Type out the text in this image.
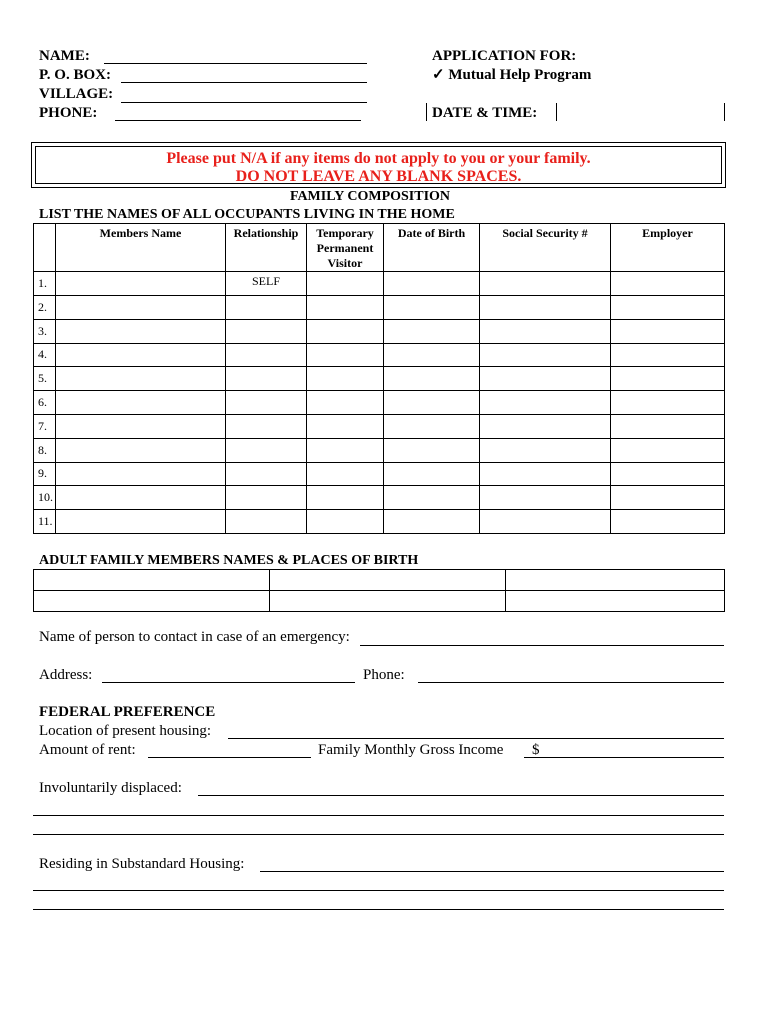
NAME:
P. O. BOX:
VILLAGE:
PHONE:
APPLICATION FOR:
✓ Mutual Help Program
DATE & TIME:
Please put N/A if any items do not apply to you or your family.
DO NOT LEAVE ANY BLANK SPACES.
FAMILY COMPOSITION
LIST THE NAMES OF ALL OCCUPANTS LIVING IN THE HOME
	Members Name	Relationship	Temporary
Permanent
Visitor	Date of Birth	Social Security #	Employer
1.		SELF				
2.						
3.						
4.						
5.						
6.						
7.						
8.						
9.						
10.						
11.						
ADULT FAMILY MEMBERS NAMES & PLACES OF BIRTH

Name of person to contact in case of an emergency:
Address:	Phone:
FEDERAL PREFERENCE
Location of present housing:
Amount of rent:	Family Monthly Gross Income $
Involuntarily displaced:
Residing in Substandard Housing:
